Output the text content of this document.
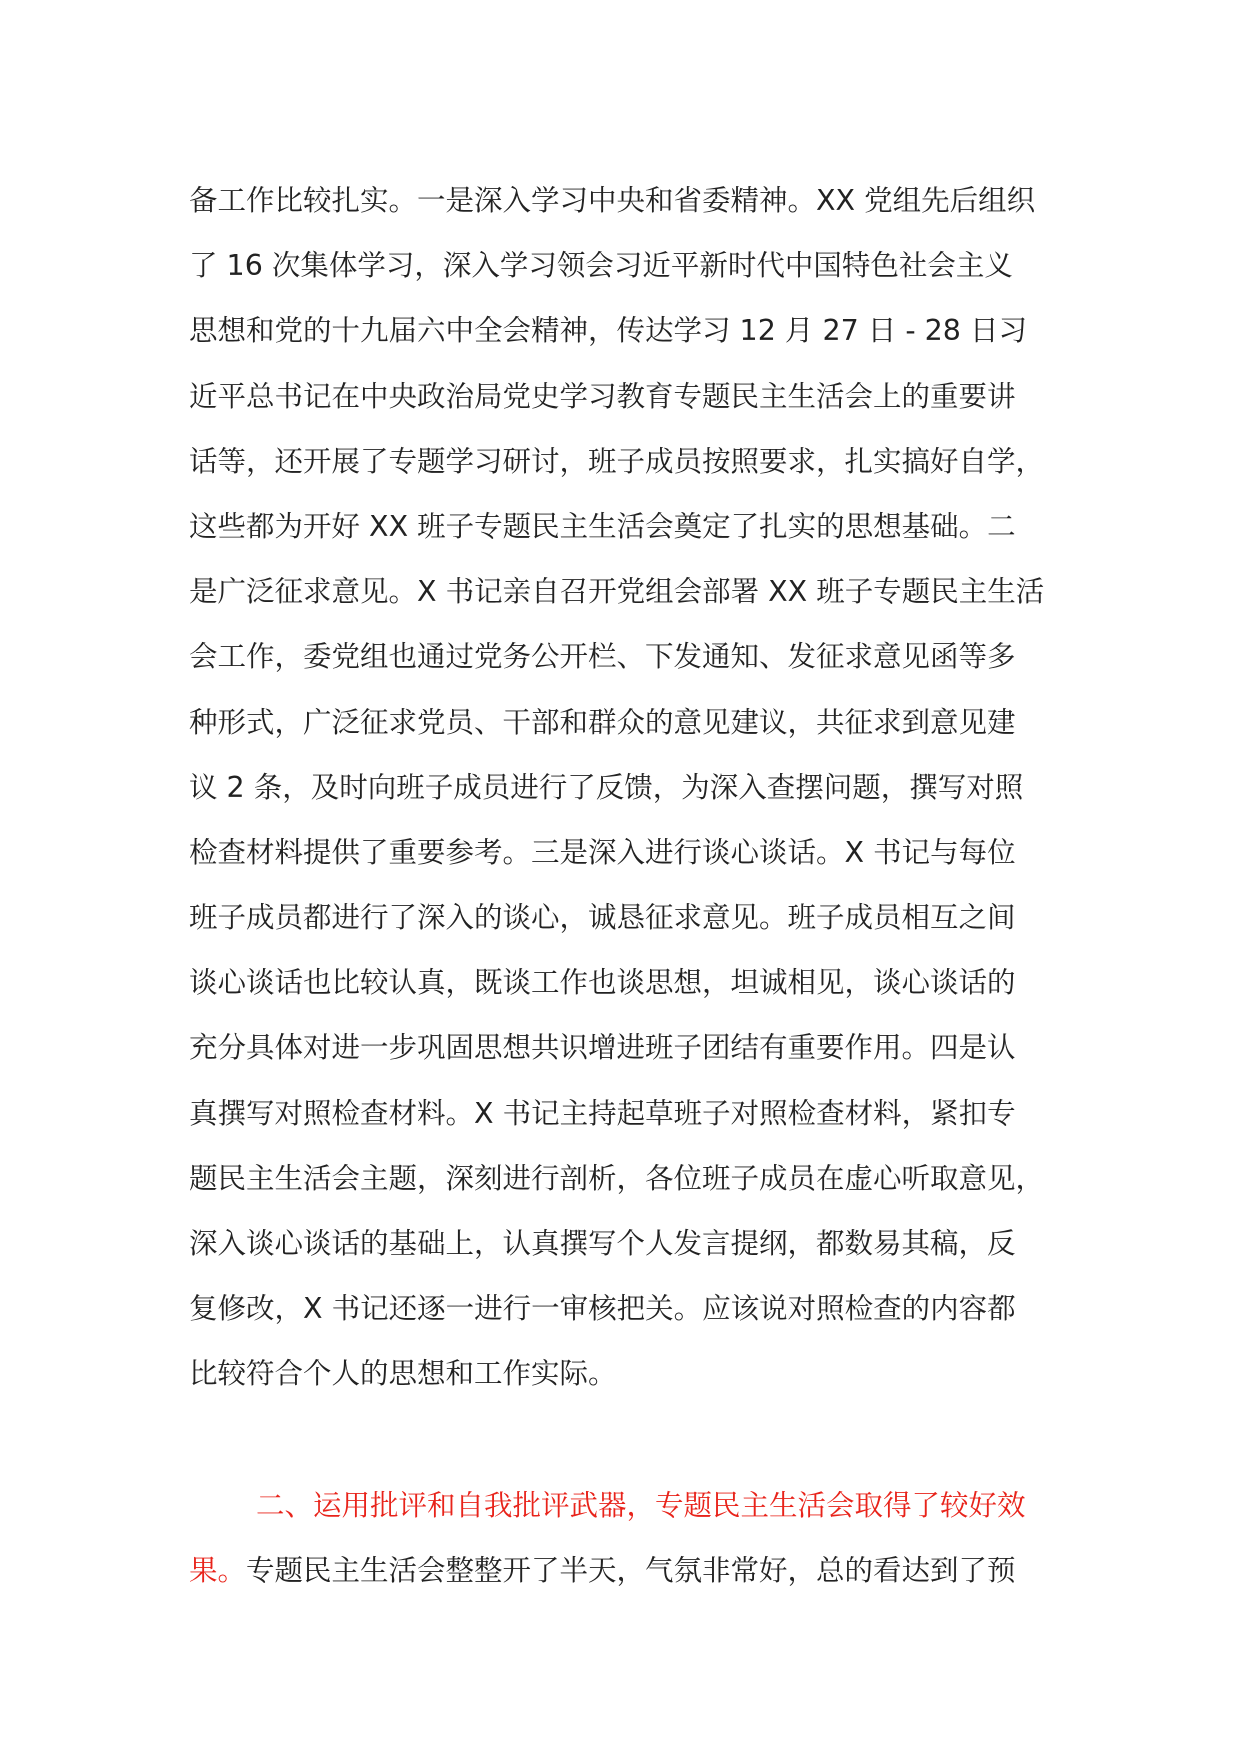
备工作比较扎实。一是深入学习中央和省委精神。XX 党组先后组织
了 16 次集体学习，深入学习领会习近平新时代中国特色社会主义
思想和党的十九届六中全会精神，传达学习 12 月 27 日 - 28 日习
近平总书记在中央政治局党史学习教育专题民主生活会上的重要讲
话等，还开展了专题学习研讨，班子成员按照要求，扎实搞好自学，
这些都为开好 XX 班子专题民主生活会奠定了扎实的思想基础。二
是广泛征求意见。X 书记亲自召开党组会部署 XX 班子专题民主生活
会工作，委党组也通过党务公开栏、下发通知、发征求意见函等多
种形式，广泛征求党员、干部和群众的意见建议，共征求到意见建
议 2 条，及时向班子成员进行了反馈，为深入查摆问题，撰写对照
检查材料提供了重要参考。三是深入进行谈心谈话。X 书记与每位
班子成员都进行了深入的谈心，诚恳征求意见。班子成员相互之间
谈心谈话也比较认真，既谈工作也谈思想，坦诚相见，谈心谈话的
充分具体对进一步巩固思想共识增进班子团结有重要作用。四是认
真撰写对照检查材料。X 书记主持起草班子对照检查材料，紧扣专
题民主生活会主题，深刻进行剖析，各位班子成员在虚心听取意见，
深入谈心谈话的基础上，认真撰写个人发言提纲，都数易其稿，反
复修改，X 书记还逐一进行一审核把关。应该说对照检查的内容都
比较符合个人的思想和工作实际。
二、运用批评和自我批评武器，专题民主生活会取得了较好效
果。专题民主生活会整整开了半天，气氛非常好，总的看达到了预
